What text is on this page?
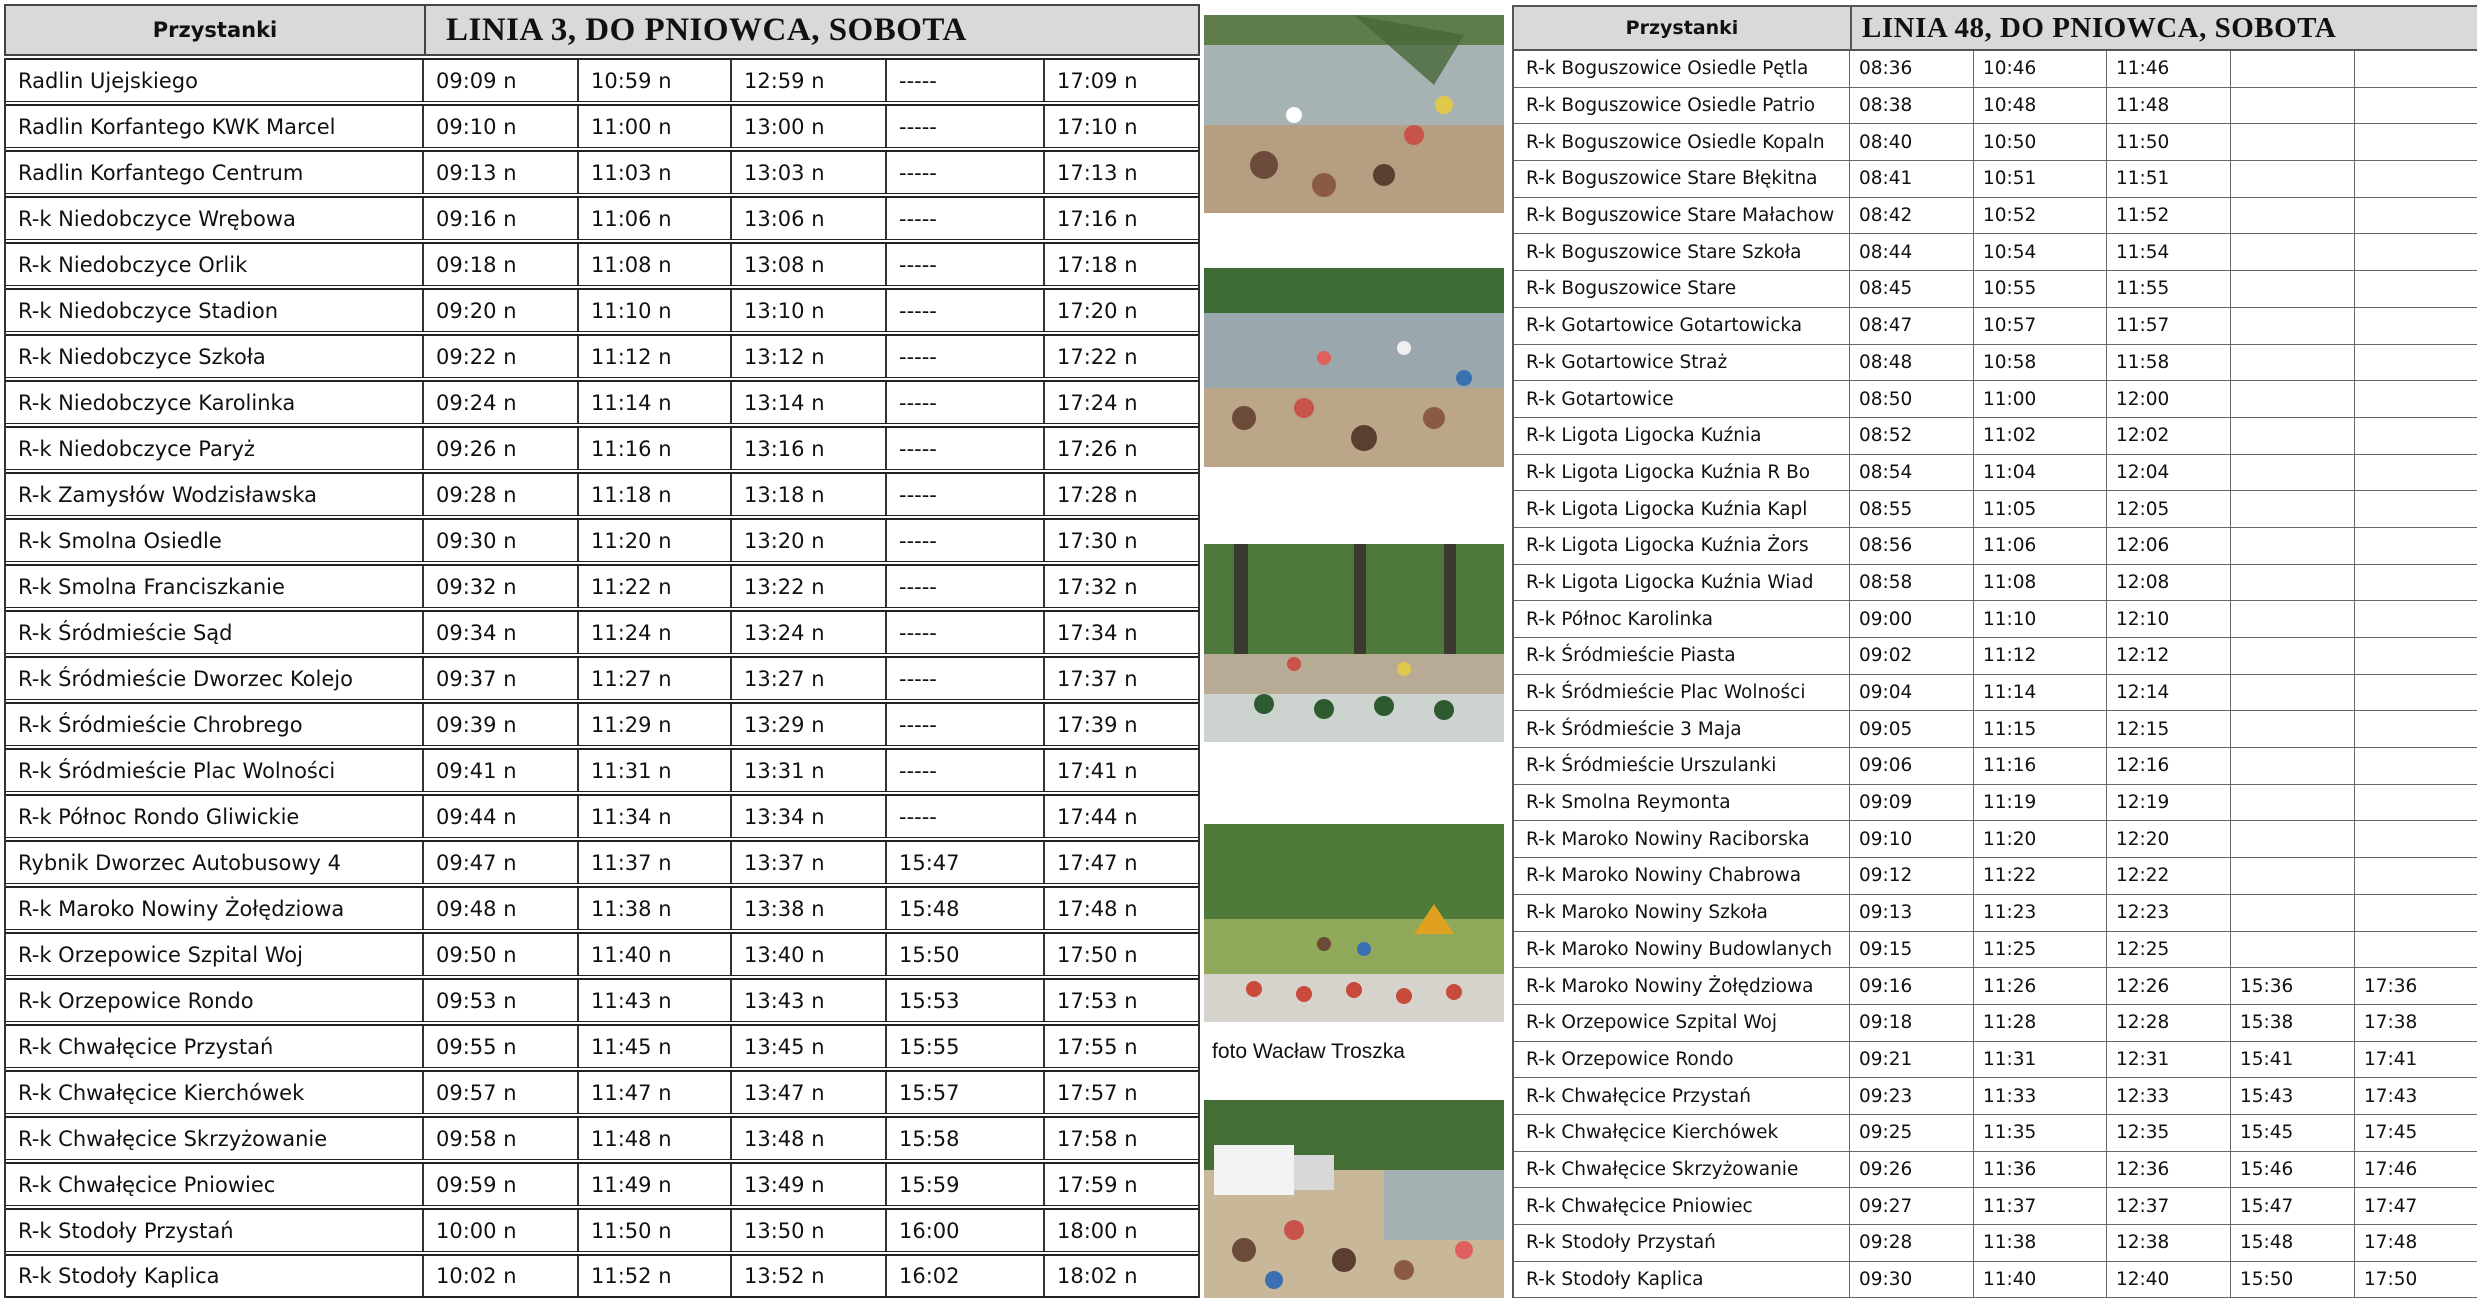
Przystanki	LINIA 3, DO PNIOWCA, SOBOTA
Radlin Ujejskiego	09:09 n	10:59 n	12:59 n	-----	17:09 n
Radlin Korfantego KWK Marcel	09:10 n	11:00 n	13:00 n	-----	17:10 n
Radlin Korfantego Centrum	09:13 n	11:03 n	13:03 n	-----	17:13 n
R-k Niedobczyce Wrębowa	09:16 n	11:06 n	13:06 n	-----	17:16 n
R-k Niedobczyce Orlik	09:18 n	11:08 n	13:08 n	-----	17:18 n
R-k Niedobczyce Stadion	09:20 n	11:10 n	13:10 n	-----	17:20 n
R-k Niedobczyce Szkoła	09:22 n	11:12 n	13:12 n	-----	17:22 n
R-k Niedobczyce Karolinka	09:24 n	11:14 n	13:14 n	-----	17:24 n
R-k Niedobczyce Paryż	09:26 n	11:16 n	13:16 n	-----	17:26 n
R-k Zamysłów Wodzisławska	09:28 n	11:18 n	13:18 n	-----	17:28 n
R-k Smolna Osiedle	09:30 n	11:20 n	13:20 n	-----	17:30 n
R-k Smolna Franciszkanie	09:32 n	11:22 n	13:22 n	-----	17:32 n
R-k Śródmieście Sąd	09:34 n	11:24 n	13:24 n	-----	17:34 n
R-k Śródmieście Dworzec Kolejo	09:37 n	11:27 n	13:27 n	-----	17:37 n
R-k Śródmieście Chrobrego	09:39 n	11:29 n	13:29 n	-----	17:39 n
R-k Śródmieście Plac Wolności	09:41 n	11:31 n	13:31 n	-----	17:41 n
R-k Północ Rondo Gliwickie	09:44 n	11:34 n	13:34 n	-----	17:44 n
Rybnik Dworzec Autobusowy 4	09:47 n	11:37 n	13:37 n	15:47	17:47 n
R-k Maroko Nowiny Żołędziowa	09:48 n	11:38 n	13:38 n	15:48	17:48 n
R-k Orzepowice Szpital Woj	09:50 n	11:40 n	13:40 n	15:50	17:50 n
R-k Orzepowice Rondo	09:53 n	11:43 n	13:43 n	15:53	17:53 n
R-k Chwałęcice Przystań	09:55 n	11:45 n	13:45 n	15:55	17:55 n
R-k Chwałęcice Kierchówek	09:57 n	11:47 n	13:47 n	15:57	17:57 n
R-k Chwałęcice Skrzyżowanie	09:58 n	11:48 n	13:48 n	15:58	17:58 n
R-k Chwałęcice Pniowiec	09:59 n	11:49 n	13:49 n	15:59	17:59 n
R-k Stodoły Przystań	10:00 n	11:50 n	13:50 n	16:00	18:00 n
R-k Stodoły Kaplica	10:02 n	11:52 n	13:52 n	16:02	18:02 n
foto Wacław Troszka
Przystanki	LINIA 48, DO PNIOWCA, SOBOTA
R-k Boguszowice Osiedle Pętla	08:36	10:46	11:46
R-k Boguszowice Osiedle Patrio	08:38	10:48	11:48
R-k Boguszowice Osiedle Kopaln	08:40	10:50	11:50
R-k Boguszowice Stare Błękitna	08:41	10:51	11:51
R-k Boguszowice Stare Małachow	08:42	10:52	11:52
R-k Boguszowice Stare Szkoła	08:44	10:54	11:54
R-k Boguszowice Stare	08:45	10:55	11:55
R-k Gotartowice Gotartowicka	08:47	10:57	11:57
R-k Gotartowice Straż	08:48	10:58	11:58
R-k Gotartowice	08:50	11:00	12:00
R-k Ligota Ligocka Kuźnia	08:52	11:02	12:02
R-k Ligota Ligocka Kuźnia R Bo	08:54	11:04	12:04
R-k Ligota Ligocka Kuźnia Kapl	08:55	11:05	12:05
R-k Ligota Ligocka Kuźnia Żors	08:56	11:06	12:06
R-k Ligota Ligocka Kuźnia Wiad	08:58	11:08	12:08
R-k Północ Karolinka	09:00	11:10	12:10
R-k Śródmieście Piasta	09:02	11:12	12:12
R-k Śródmieście Plac Wolności	09:04	11:14	12:14
R-k Śródmieście 3 Maja	09:05	11:15	12:15
R-k Śródmieście Urszulanki	09:06	11:16	12:16
R-k Smolna Reymonta	09:09	11:19	12:19
R-k Maroko Nowiny Raciborska	09:10	11:20	12:20
R-k Maroko Nowiny Chabrowa	09:12	11:22	12:22
R-k Maroko Nowiny Szkoła	09:13	11:23	12:23
R-k Maroko Nowiny Budowlanych	09:15	11:25	12:25
R-k Maroko Nowiny Żołędziowa	09:16	11:26	12:26	15:36	17:36
R-k Orzepowice Szpital Woj	09:18	11:28	12:28	15:38	17:38
R-k Orzepowice Rondo	09:21	11:31	12:31	15:41	17:41
R-k Chwałęcice Przystań	09:23	11:33	12:33	15:43	17:43
R-k Chwałęcice Kierchówek	09:25	11:35	12:35	15:45	17:45
R-k Chwałęcice Skrzyżowanie	09:26	11:36	12:36	15:46	17:46
R-k Chwałęcice Pniowiec	09:27	11:37	12:37	15:47	17:47
R-k Stodoły Przystań	09:28	11:38	12:38	15:48	17:48
R-k Stodoły Kaplica	09:30	11:40	12:40	15:50	17:50
